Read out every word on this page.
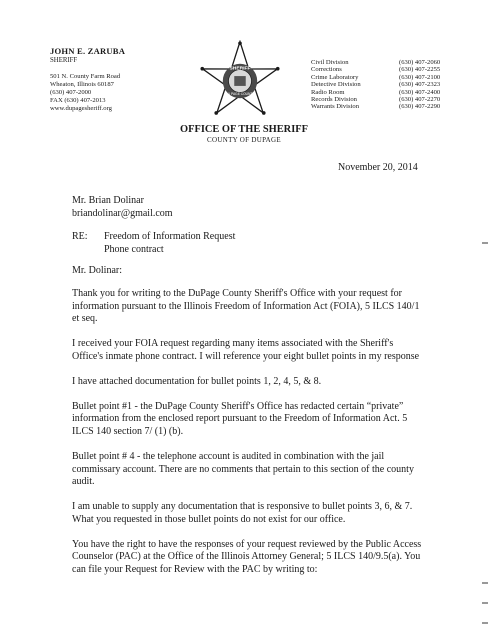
JOHN E. ZARUBA
SHERIFF
501 N. County Farm Road
Wheaton, Illinois 60187
(630) 407-2000
FAX (630) 407-2013
www.dupagesheriff.org
SHERIFF
DU PAGE COUNTY
OFFICE OF THE SHERIFF
COUNTY OF DUPAGE
Civil Division	(630) 407-2060
Corrections	(630) 407-2255
Crime Laboratory	(630) 407-2100
Detective Division	(630) 407-2323
Radio Room	(630) 407-2400
Records Division	(630) 407-2270
Warrants Division	(630) 407-2290
November 20, 2014
Mr. Brian Dolinar
briandolinar@gmail.com
RE:	Freedom of Information Request
Phone contract
Mr. Dolinar:

Thank you for writing to the DuPage County Sheriff's Office with your request for information pursuant to the Illinois Freedom of Information Act (FOIA), 5 ILCS 140/1 et seq.

I received your FOIA request regarding many items associated with the Sheriff's Office's inmate phone contract. I will reference your eight bullet points in my response

I have attached documentation for bullet points 1, 2, 4, 5, & 8.

Bullet point #1 - the DuPage County Sheriff's Office has redacted certain “private” information from the enclosed report pursuant to the Freedom of Information Act. 5 ILCS 140 section 7/ (1) (b).

Bullet point # 4 - the telephone account is audited in combination with the jail commissary account. There are no comments that pertain to this section of the county audit.

I am unable to supply any documentation that is responsive to bullet points 3, 6, & 7. What you requested in those bullet points do not exist for our office.

You have the right to have the responses of your request reviewed by the Public Access Counselor (PAC) at the Office of the Illinois Attorney General; 5 ILCS 140/9.5(a). You can file your Request for Review with the PAC by writing to:
